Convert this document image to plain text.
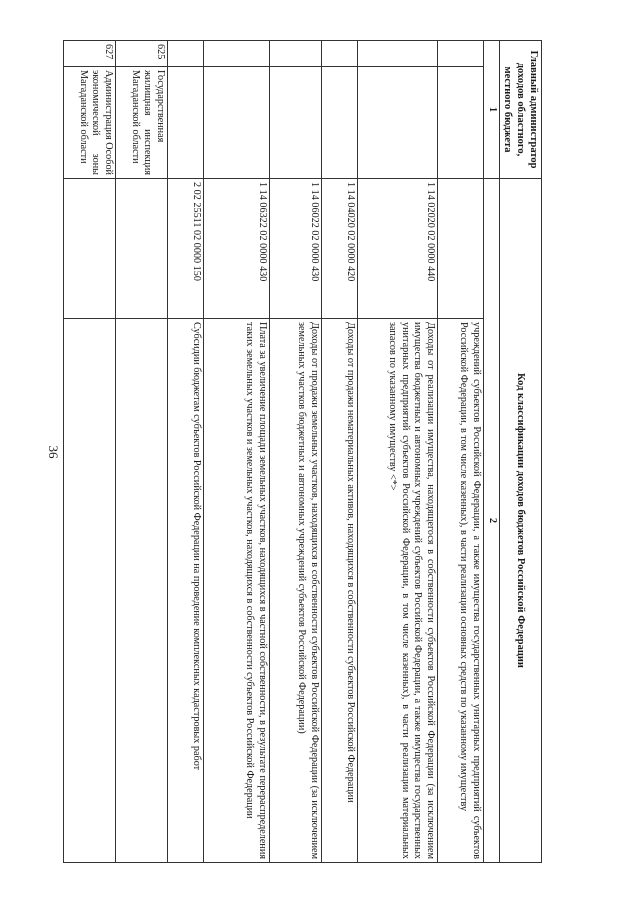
36
Главный администратор доходов областного, местного бюджета		Код классификации доходов бюджетов Российской Федерации	
1		2	
			учреждений субъектов Российской Федерации, а также имущества государственных унитарных предприятий субъектов Российской Федерации, в том числе казенных), в части реализации основных средств по указанному имуществу
		1 14 02020 02 0000 440	Доходы от реализации имущества, находящегося в собственности субъектов Российской Федерации (за исключением имущества бюджетных и автономных учреждений субъектов Российской Федерации, а также имущества государственных унитарных предприятий субъектов Российской Федерации, в том числе казенных), в части реализации материальных запасов по указанному имуществу <*>
		1 14 04020 02 0000 420	Доходы от продажи нематериальных активов, находящихся в собственности субъектов Российской Федерации
		1 14 06022 02 0000 430	Доходы от продажи земельных участков, находящихся в собственности субъектов Российской Федерации (за исключением земельных участков бюджетных и автономных учреждений субъектов Российской Федерации)
		1 14 06322 02 0000 430	Плата за увеличение площади земельных участков, находящихся в частной собственности, в результате перераспределения таких земельных участков и земельных участков, находящихся в собственности субъектов Российской Федерации
		2 02 25511 02 0000 150	Субсидии бюджетам субъектов Российской Федерации на проведение комплексных кадастровых работ
625	Государственная жилищная инспекция Магаданской области		
627	Администрация Особой экономической зоны Магаданской области		
